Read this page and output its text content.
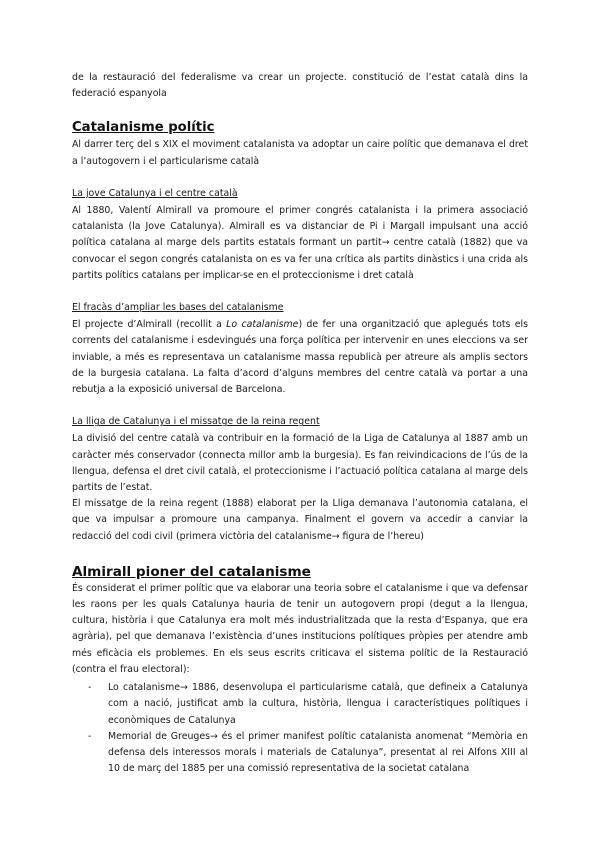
de la restauració del federalisme va crear un projecte. constitució de l’estat català dins la federació espanyola

Catalanisme polític

Al darrer terç del s XIX el moviment catalanista va adoptar un caire polític que demanava el dret a l’autogovern i el particularisme català

La jove Catalunya i el centre català

Al 1880, Valentí Almirall va promoure el primer congrés catalanista i la primera associació catalanista (la Jove Catalunya). Almirall es va distanciar de Pi i Margall impulsant una acció política catalana al marge dels partits estatals formant un partit→ centre català (1882) que va convocar el segon congrés catalanista on es va fer una crítica als partits dinàstics i una crida als partits polítics catalans per implicar-se en el proteccionisme i dret català

El fracàs d’ampliar les bases del catalanisme

El projecte d’Almirall (recollit a Lo catalanisme) de fer una organització que aplegués tots els corrents del catalanisme i esdevingués una força política per intervenir en unes eleccions va ser inviable, a més es representava un catalanisme massa republicà per atreure als amplis sectors de la burgesia catalana. La falta d’acord d’alguns membres del centre català va portar a una rebutja a la exposició universal de Barcelona.

La lliga de Catalunya i el missatge de la reina regent

La divisió del centre català va contribuir en la formació de la Liga de Catalunya al 1887 amb un caràcter més conservador (connecta millor amb la burgesia). Es fan reivindicacions de l’ús de la llengua, defensa el dret civil català, el proteccionisme i l’actuació política catalana al marge dels partits de l’estat.

El missatge de la reina regent (1888) elaborat per la Lliga demanava l’autonomia catalana, el que va impulsar a promoure una campanya. Finalment el govern va accedir a canviar la redacció del codi civil (primera victòria del catalanisme→ figura de l’hereu)

Almirall pioner del catalanisme

És considerat el primer polític que va elaborar una teoria sobre el catalanisme i que va defensar les raons per les quals Catalunya hauria de tenir un autogovern propi (degut a la llengua, cultura, història i que Catalunya era molt més industrialitzada que la resta d’Espanya, que era agrària), pel que demanava l’existència d’unes institucions polítiques pròpies per atendre amb més eficàcia els problemes. En els seus escrits criticava el sistema polític de la Restauració (contra el frau electoral):

- Lo catalanisme→ 1886, desenvolupa el particularisme català, que defineix a Catalunya com a nació, justificat amb la cultura, història, llengua i característiques polítiques i econòmiques de Catalunya
- Memorial de Greuges→ és el primer manifest polític catalanista anomenat “Memòria en defensa dels interessos morals i materials de Catalunya”, presentat al rei Alfons XIII al 10 de març del 1885 per una comissió representativa de la societat catalana
